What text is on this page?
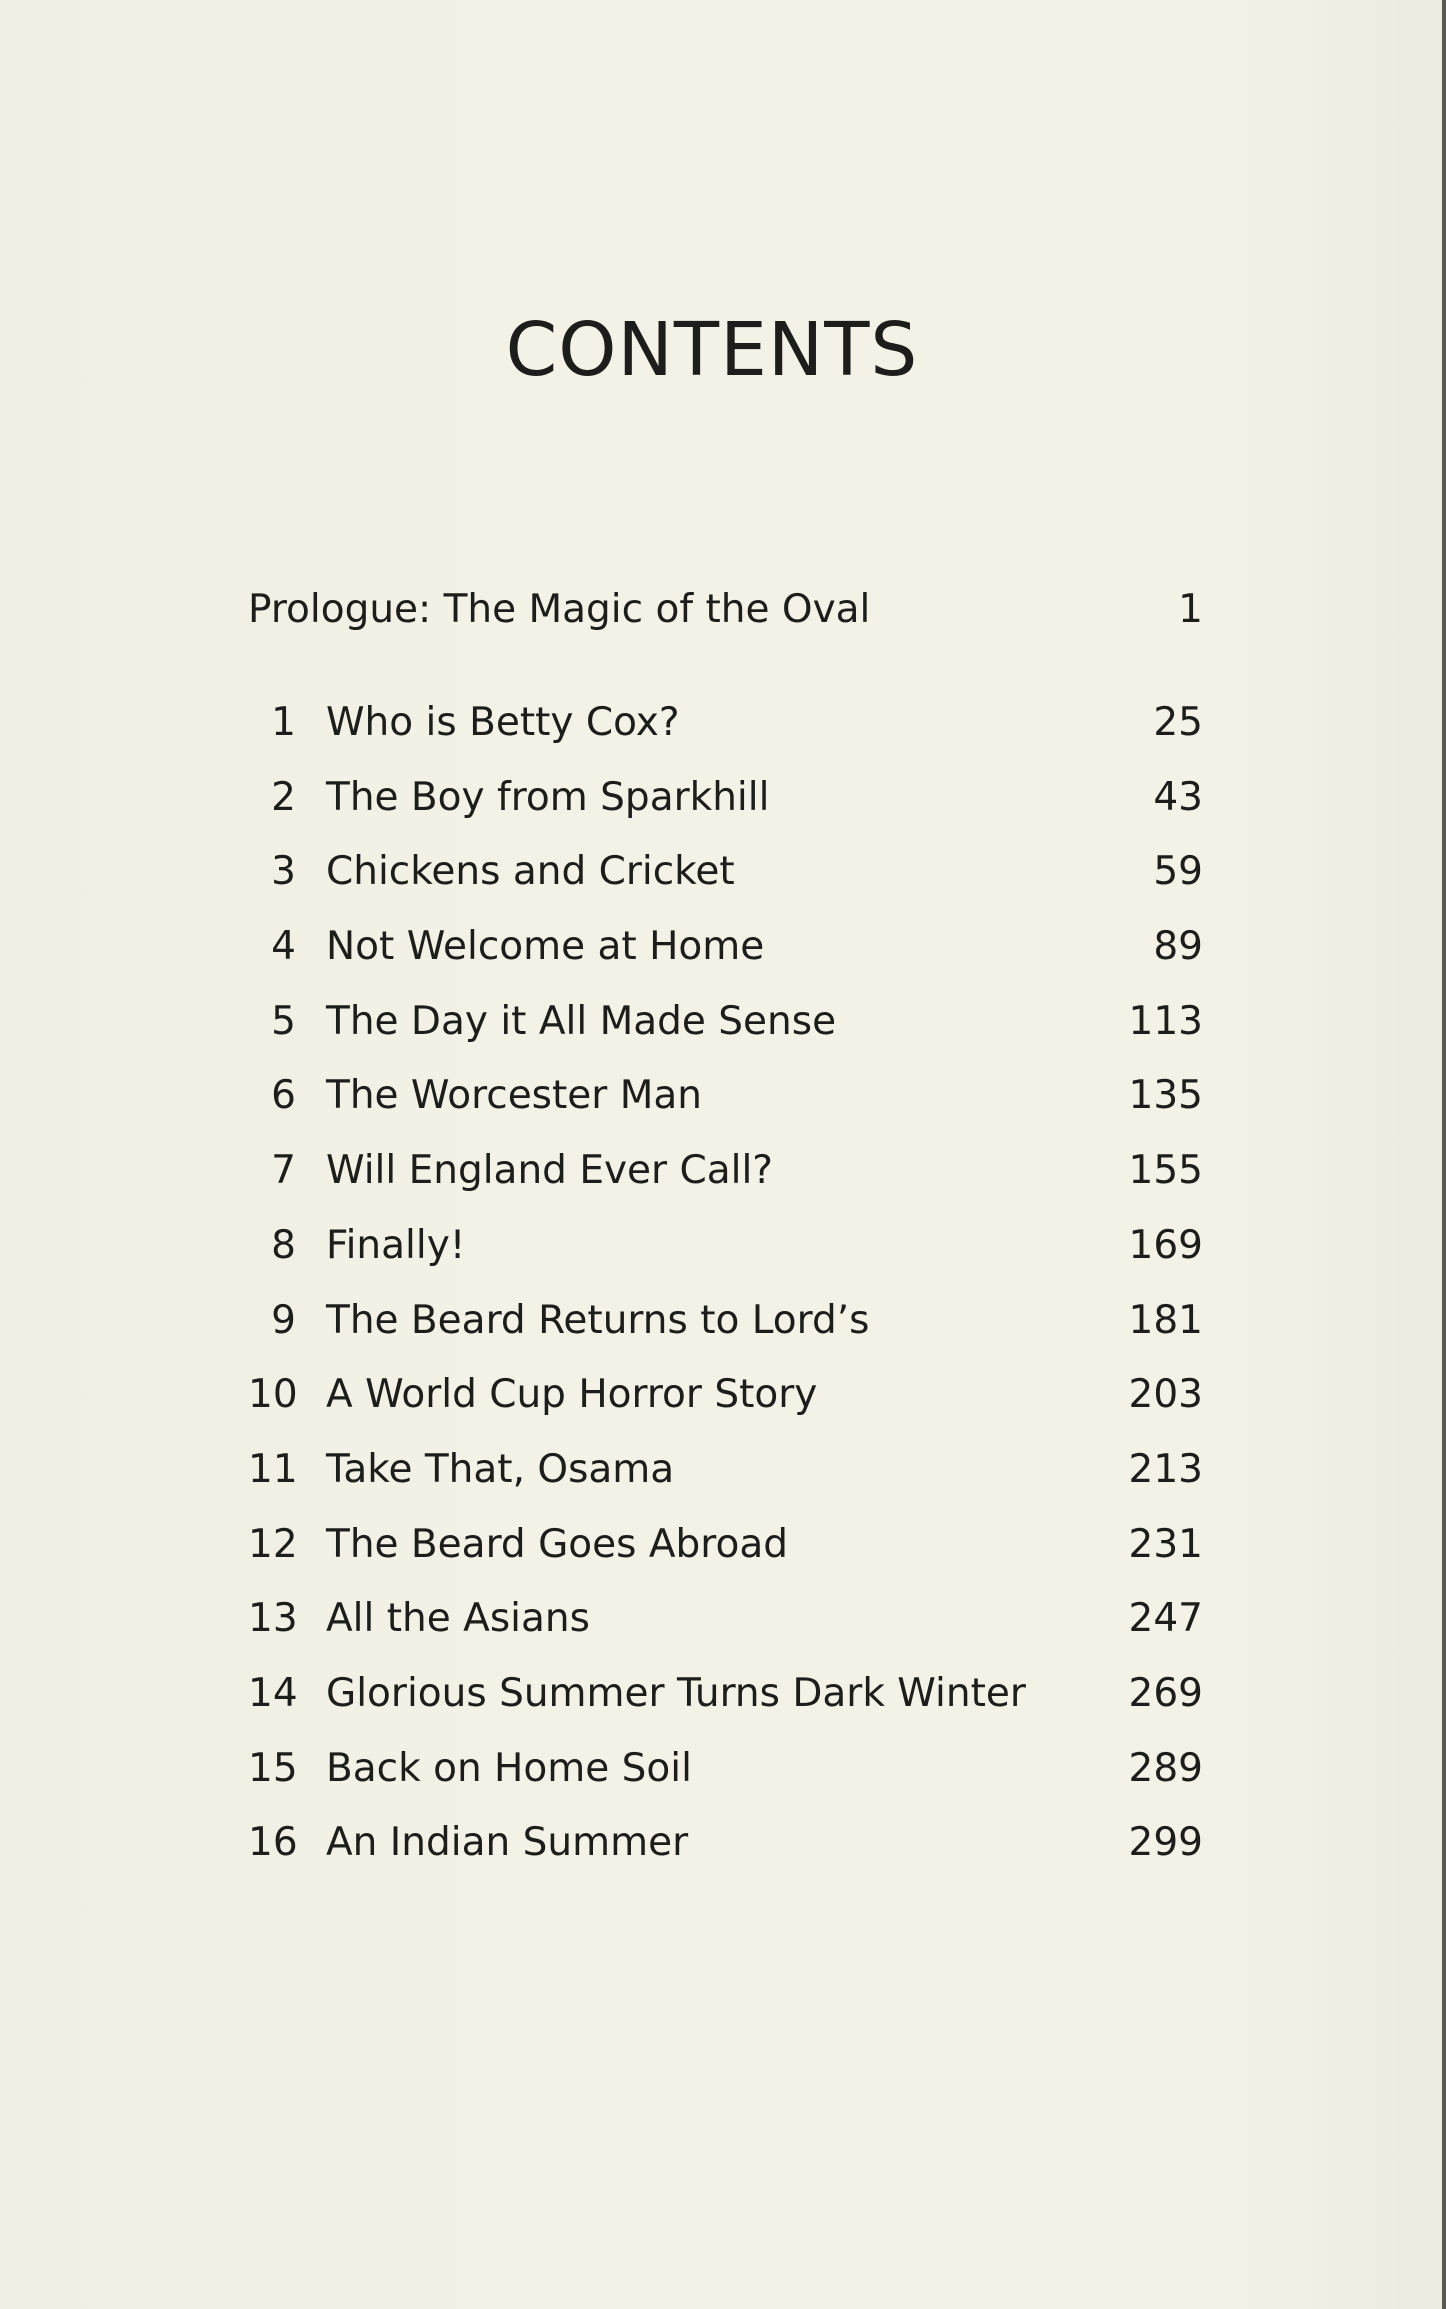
CONTENTS
Prologue: The Magic of the Oval	1
1 Who is Betty Cox?	25
2 The Boy from Sparkhill	43
3 Chickens and Cricket	59
4 Not Welcome at Home	89
5 The Day it All Made Sense	113
6 The Worcester Man	135
7 Will England Ever Call?	155
8 Finally!	169
9 The Beard Returns to Lord’s	181
10 A World Cup Horror Story	203
11 Take That, Osama	213
12 The Beard Goes Abroad	231
13 All the Asians	247
14 Glorious Summer Turns Dark Winter	269
15 Back on Home Soil	289
16 An Indian Summer	299
